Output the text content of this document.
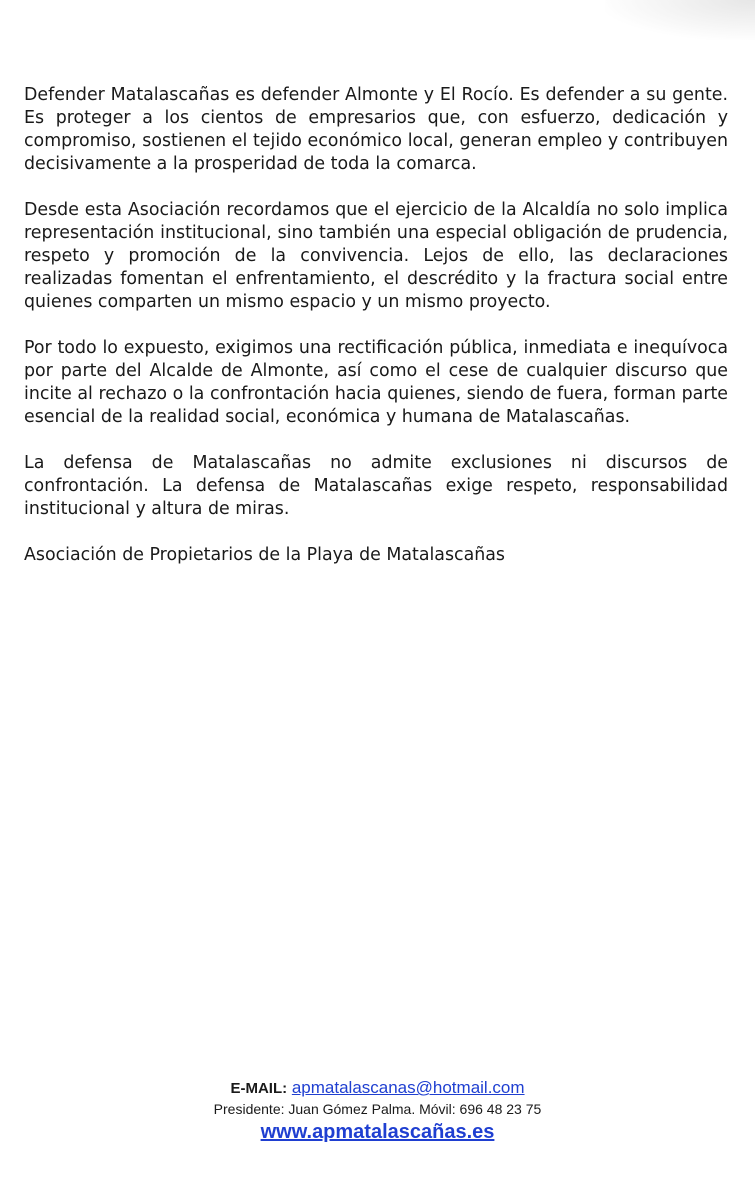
Defender Matalascañas es defender Almonte y El Rocío. Es defender a su gente. Es proteger a los cientos de empresarios que, con esfuerzo, dedicación y compromiso, sostienen el tejido económico local, generan empleo y contribuyen decisivamente a la prosperidad de toda la comarca.

Desde esta Asociación recordamos que el ejercicio de la Alcaldía no solo implica representación institucional, sino también una especial obligación de prudencia, respeto y promoción de la convivencia. Lejos de ello, las declaraciones realizadas fomentan el enfrentamiento, el descrédito y la fractura social entre quienes comparten un mismo espacio y un mismo proyecto.

Por todo lo expuesto, exigimos una rectificación pública, inmediata e inequívoca por parte del Alcalde de Almonte, así como el cese de cualquier discurso que incite al rechazo o la confrontación hacia quienes, siendo de fuera, forman parte esencial de la realidad social, económica y humana de Matalascañas.

La defensa de Matalascañas no admite exclusiones ni discursos de confrontación. La defensa de Matalascañas exige respeto, responsabilidad institucional y altura de miras.

Asociación de Propietarios de la Playa de Matalascañas

E-MAIL: apmatalascanas@hotmail.com
Presidente: Juan Gómez Palma. Móvil: 696 48 23 75
www.apmatalascañas.es
